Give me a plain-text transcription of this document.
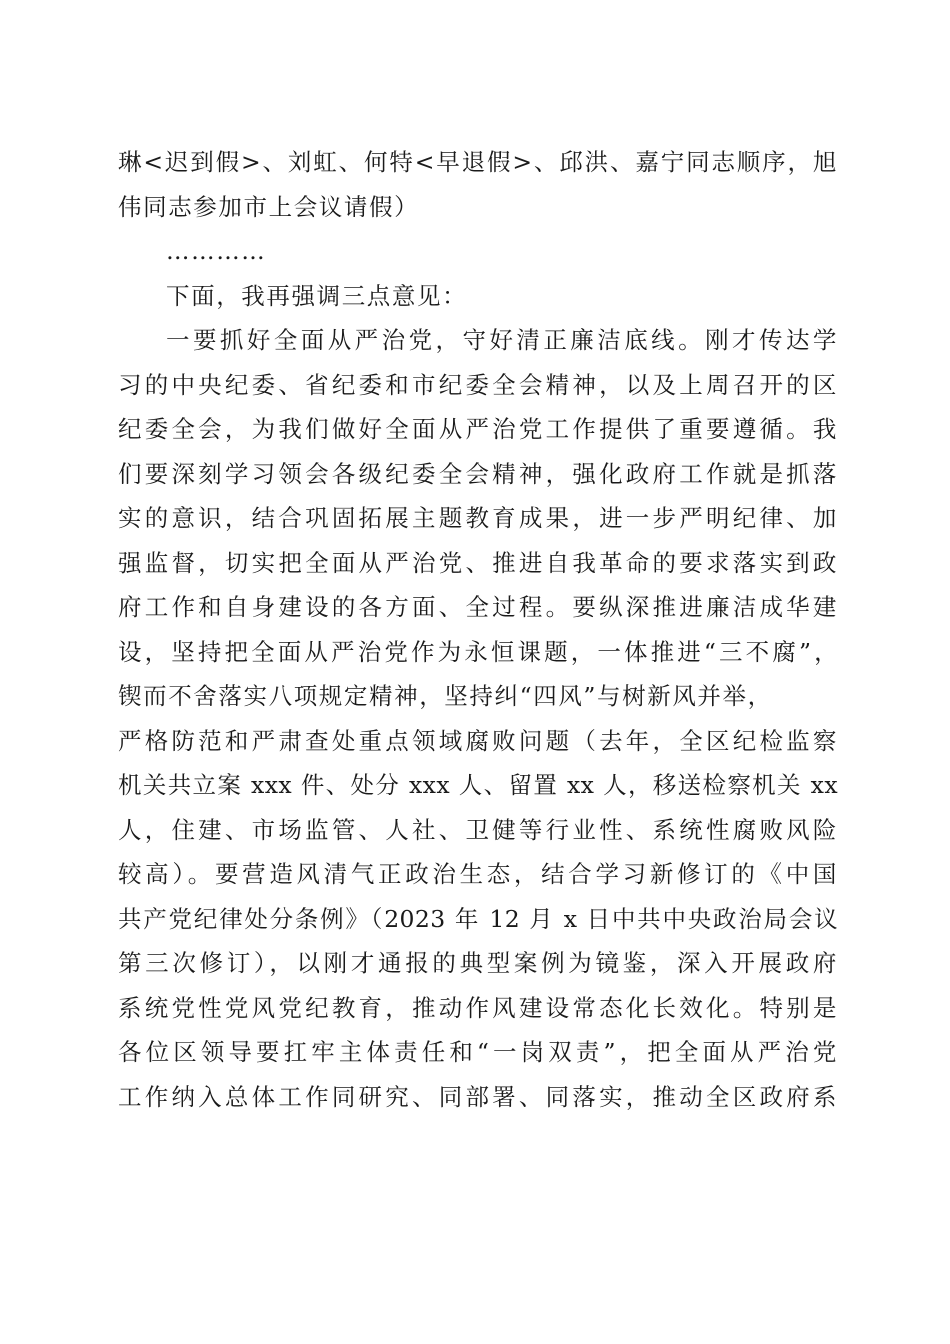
琳<迟到假>、刘虹、何特<早退假>、邱洪、嘉宁同志顺序，旭
伟同志参加市上会议请假）
…………
下面，我再强调三点意见：
一要抓好全面从严治党，守好清正廉洁底线。刚才传达学
习的中央纪委、省纪委和市纪委全会精神，以及上周召开的区
纪委全会，为我们做好全面从严治党工作提供了重要遵循。我
们要深刻学习领会各级纪委全会精神，强化政府工作就是抓落
实的意识，结合巩固拓展主题教育成果，进一步严明纪律、加
强监督，切实把全面从严治党、推进自我革命的要求落实到政
府工作和自身建设的各方面、全过程。要纵深推进廉洁成华建
设，坚持把全面从严治党作为永恒课题，一体推进“三不腐”，
锲而不舍落实八项规定精神，坚持纠“四风”与树新风并举，
严格防范和严肃查处重点领域腐败问题（去年，全区纪检监察
机关共立案 xxx 件、处分 xxx 人、留置 xx 人，移送检察机关 xx
人，住建、市场监管、人社、卫健等行业性、系统性腐败风险
较高）。要营造风清气正政治生态，结合学习新修订的《中国
共产党纪律处分条例》（2023 年 12 月 x 日中共中央政治局会议
第三次修订），以刚才通报的典型案例为镜鉴，深入开展政府
系统党性党风党纪教育，推动作风建设常态化长效化。特别是
各位区领导要扛牢主体责任和“一岗双责”，把全面从严治党
工作纳入总体工作同研究、同部署、同落实，推动全区政府系
